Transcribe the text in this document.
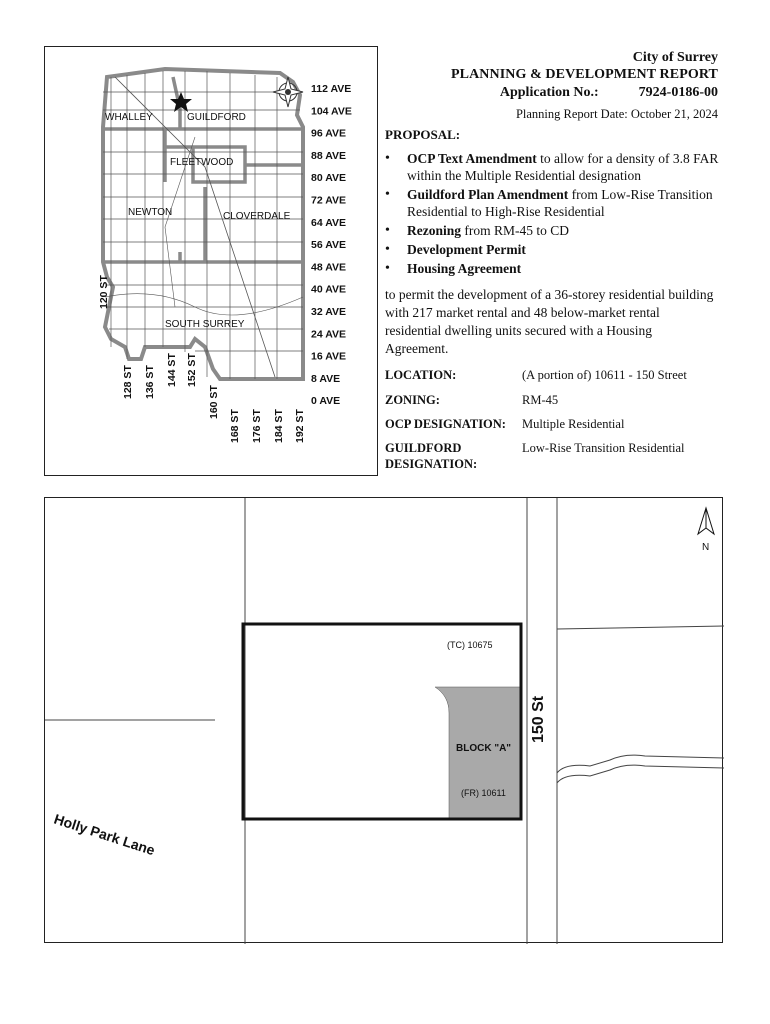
WHALLEY	GUILDFORD
FLEETWOOD
NEWTON	CLOVERDALE
SOUTH SURREY
112 AVE
104 AVE
96 AVE
88 AVE
80 AVE
72 AVE
64 AVE
56 AVE
48 AVE
40 AVE
32 AVE
24 AVE
16 AVE
8 AVE
0 AVE
128 ST 136 ST 144 ST 152 ST
160 ST
168 ST 176 ST 184 ST 192 ST
120 ST
City of Surrey
PLANNING & DEVELOPMENT REPORT
Application No.:	7924-0186-00
Planning Report Date: October 21, 2024
PROPOSAL:
• OCP Text Amendment to allow for a density of 3.8 FAR within the Multiple Residential designation
• Guildford Plan Amendment from Low-Rise Transition Residential to High-Rise Residential
• Rezoning from RM-45 to CD
• Development Permit
• Housing Agreement
to permit the development of a 36-storey residential building with 217 market rental and 48 below-market rental residential dwelling units secured with a Housing Agreement.
LOCATION:	(A portion of) 10611 - 150 Street
ZONING:	RM-45
OCP DESIGNATION:	Multiple Residential
GUILDFORD DESIGNATION:
Low-Rise Transition Residential
(TC) 10675
BLOCK "A"
(FR) 10611
150 St
Holly Park Lane
N
